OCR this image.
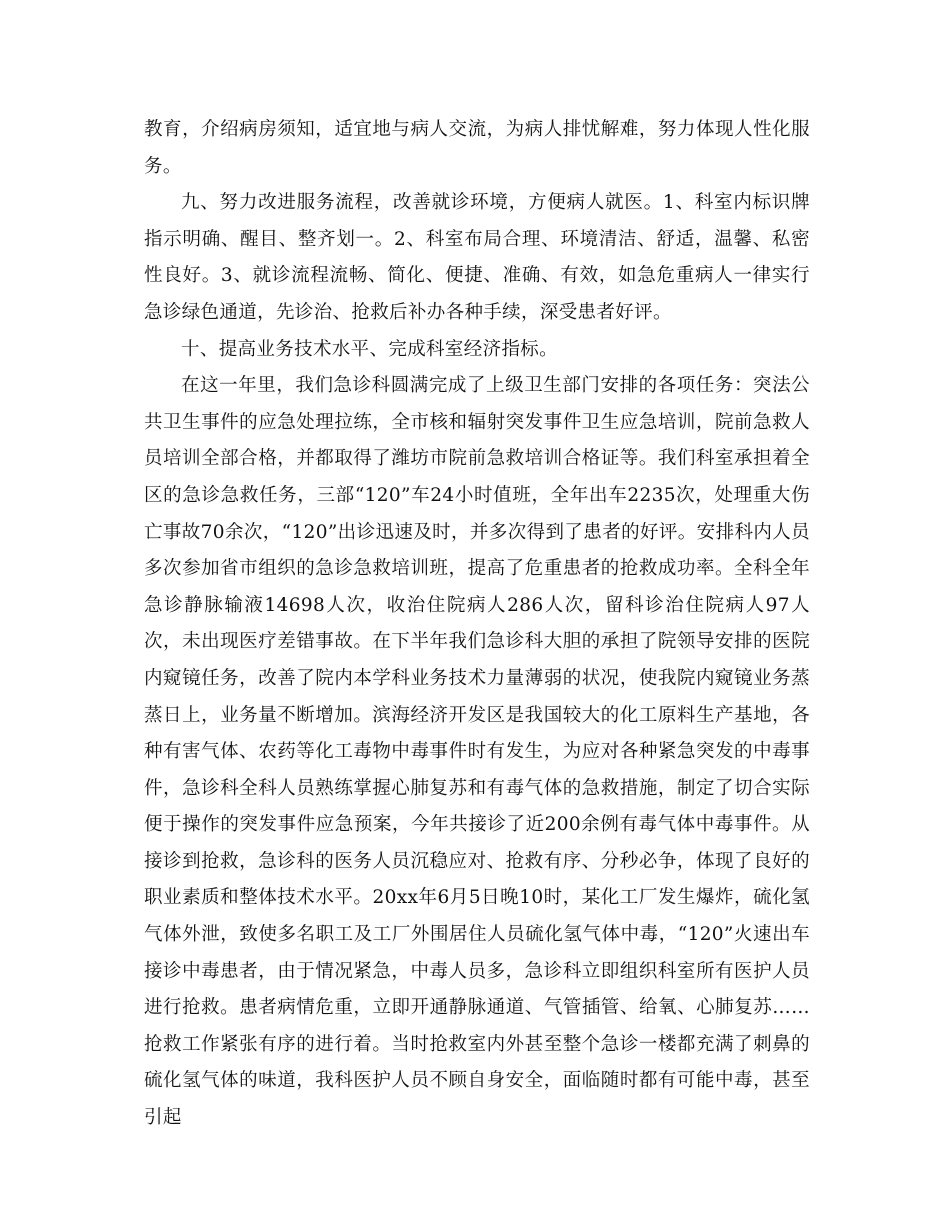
教育，介绍病房须知，适宜地与病人交流，为病人排忧解难，努力体现人性化服务。

九、努力改进服务流程，改善就诊环境，方便病人就医。1、科室内标识牌指示明确、醒目、整齐划一。2、科室布局合理、环境清洁、舒适，温馨、私密性良好。3、就诊流程流畅、简化、便捷、准确、有效，如急危重病人一律实行急诊绿色通道，先诊治、抢救后补办各种手续，深受患者好评。

十、提高业务技术水平、完成科室经济指标。

在这一年里，我们急诊科圆满完成了上级卫生部门安排的各项任务：突法公共卫生事件的应急处理拉练，全市核和辐射突发事件卫生应急培训，院前急救人员培训全部合格，并都取得了潍坊市院前急救培训合格证等。我们科室承担着全区的急诊急救任务，三部“120”车24小时值班，全年出车2235次，处理重大伤亡事故70余次，“120”出诊迅速及时，并多次得到了患者的好评。安排科内人员多次参加省市组织的急诊急救培训班，提高了危重患者的抢救成功率。全科全年急诊静脉输液14698人次，收治住院病人286人次，留科诊治住院病人97人次，未出现医疗差错事故。在下半年我们急诊科大胆的承担了院领导安排的医院内窥镜任务，改善了院内本学科业务技术力量薄弱的状况，使我院内窥镜业务蒸蒸日上，业务量不断增加。滨海经济开发区是我国较大的化工原料生产基地，各种有害气体、农药等化工毒物中毒事件时有发生，为应对各种紧急突发的中毒事件，急诊科全科人员熟练掌握心肺复苏和有毒气体的急救措施，制定了切合实际便于操作的突发事件应急预案，今年共接诊了近200余例有毒气体中毒事件。从接诊到抢救，急诊科的医务人员沉稳应对、抢救有序、分秒必争，体现了良好的职业素质和整体技术水平。20xx年6月5日晚10时，某化工厂发生爆炸，硫化氢气体外泄，致使多名职工及工厂外围居住人员硫化氢气体中毒，“120”火速出车接诊中毒患者，由于情况紧急，中毒人员多，急诊科立即组织科室所有医护人员进行抢救。患者病情危重，立即开通静脉通道、气管插管、给氧、心肺复苏……抢救工作紧张有序的进行着。当时抢救室内外甚至整个急诊一楼都充满了刺鼻的硫化氢气体的味道，我科医护人员不顾自身安全，面临随时都有可能中毒，甚至引起
